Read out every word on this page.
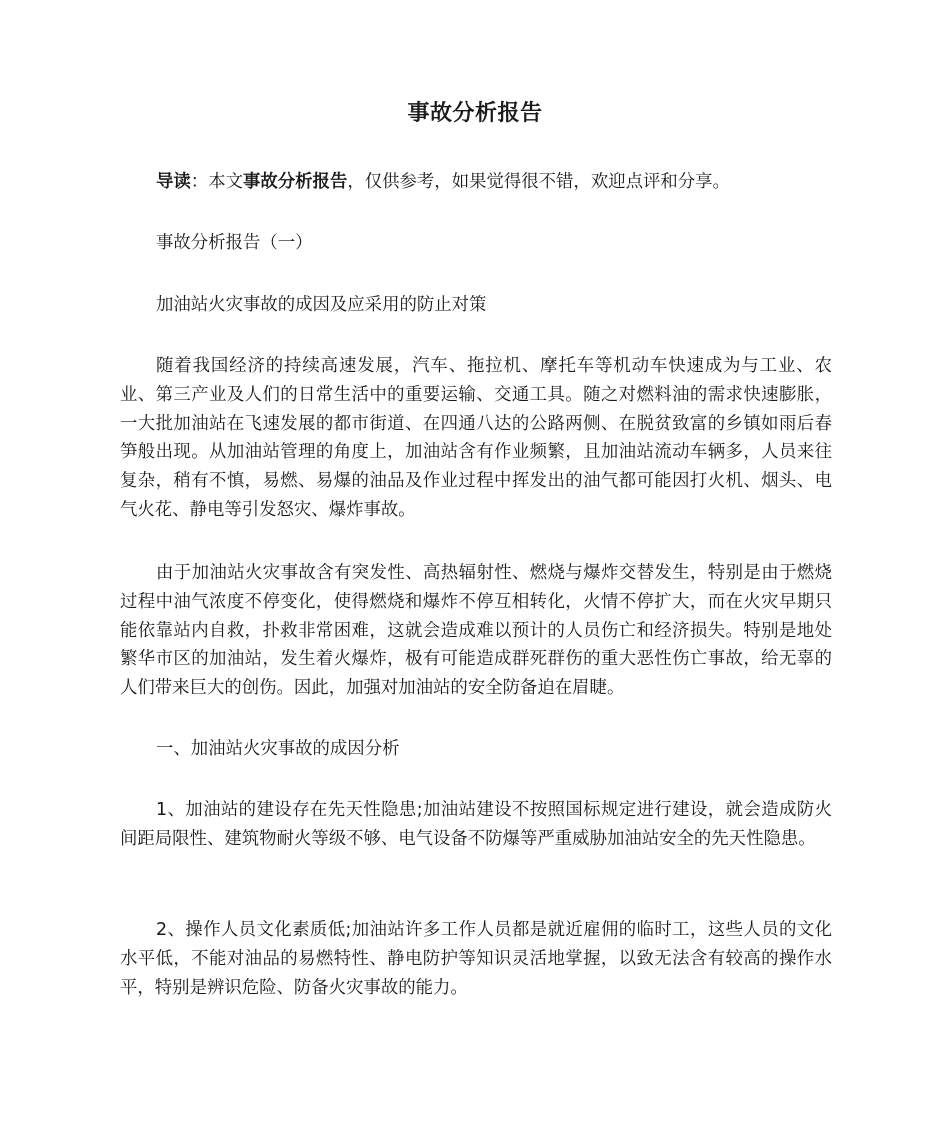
事故分析报告

导读：本文事故分析报告，仅供参考，如果觉得很不错，欢迎点评和分享。

事故分析报告（一）

加油站火灾事故的成因及应采用的防止对策

随着我国经济的持续高速发展，汽车、拖拉机、摩托车等机动车快速成为与工业、农业、第三产业及人们的日常生活中的重要运输、交通工具。随之对燃料油的需求快速膨胀，一大批加油站在飞速发展的都市街道、在四通八达的公路两侧、在脱贫致富的乡镇如雨后春笋般出现。从加油站管理的角度上，加油站含有作业频繁，且加油站流动车辆多，人员来往复杂，稍有不慎，易燃、易爆的油品及作业过程中挥发出的油气都可能因打火机、烟头、电气火花、静电等引发怒灾、爆炸事故。

由于加油站火灾事故含有突发性、高热辐射性、燃烧与爆炸交替发生，特别是由于燃烧过程中油气浓度不停变化，使得燃烧和爆炸不停互相转化，火情不停扩大，而在火灾早期只能依靠站内自救，扑救非常困难，这就会造成难以预计的人员伤亡和经济损失。特别是地处繁华市区的加油站，发生着火爆炸，极有可能造成群死群伤的重大恶性伤亡事故，给无辜的人们带来巨大的创伤。因此，加强对加油站的安全防备迫在眉睫。

一、加油站火灾事故的成因分析

1、加油站的建设存在先天性隐患;加油站建设不按照国标规定进行建设，就会造成防火间距局限性、建筑物耐火等级不够、电气设备不防爆等严重威胁加油站安全的先天性隐患。

2、操作人员文化素质低;加油站许多工作人员都是就近雇佣的临时工，这些人员的文化水平低，不能对油品的易燃特性、静电防护等知识灵活地掌握，以致无法含有较高的操作水平，特别是辨识危险、防备火灾事故的能力。
